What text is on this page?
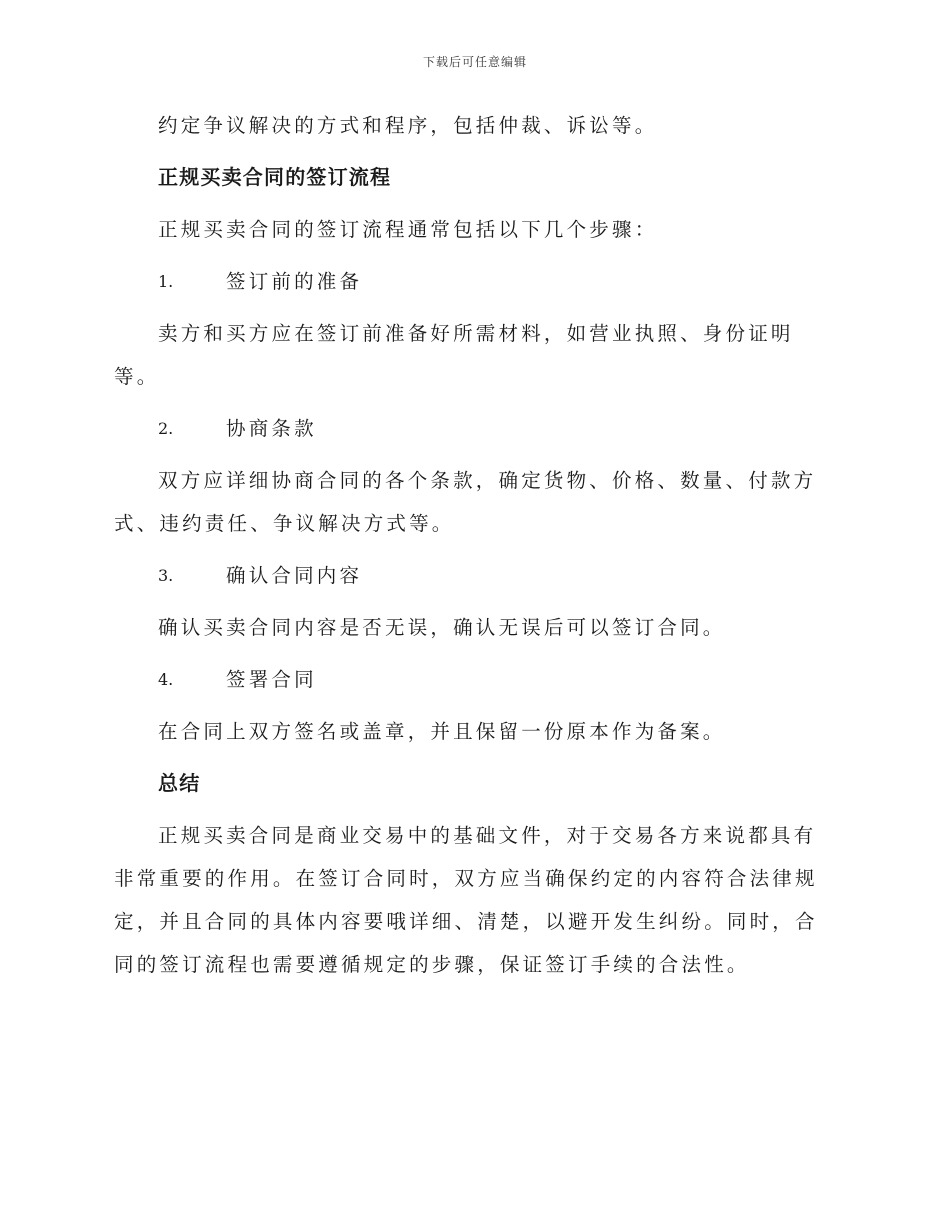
下载后可任意编辑

约定争议解决的方式和程序，包括仲裁、诉讼等。

正规买卖合同的签订流程

正规买卖合同的签订流程通常包括以下几个步骤：

1.	签订前的准备

卖方和买方应在签订前准备好所需材料，如营业执照、身份证明等。

2.	协商条款

双方应详细协商合同的各个条款，确定货物、价格、数量、付款方式、违约责任、争议解决方式等。

3.	确认合同内容

确认买卖合同内容是否无误，确认无误后可以签订合同。

4.	签署合同

在合同上双方签名或盖章，并且保留一份原本作为备案。

总结

正规买卖合同是商业交易中的基础文件，对于交易各方来说都具有非常重要的作用。在签订合同时，双方应当确保约定的内容符合法律规定，并且合同的具体内容要哦详细、清楚，以避开发生纠纷。同时，合同的签订流程也需要遵循规定的步骤，保证签订手续的合法性。
